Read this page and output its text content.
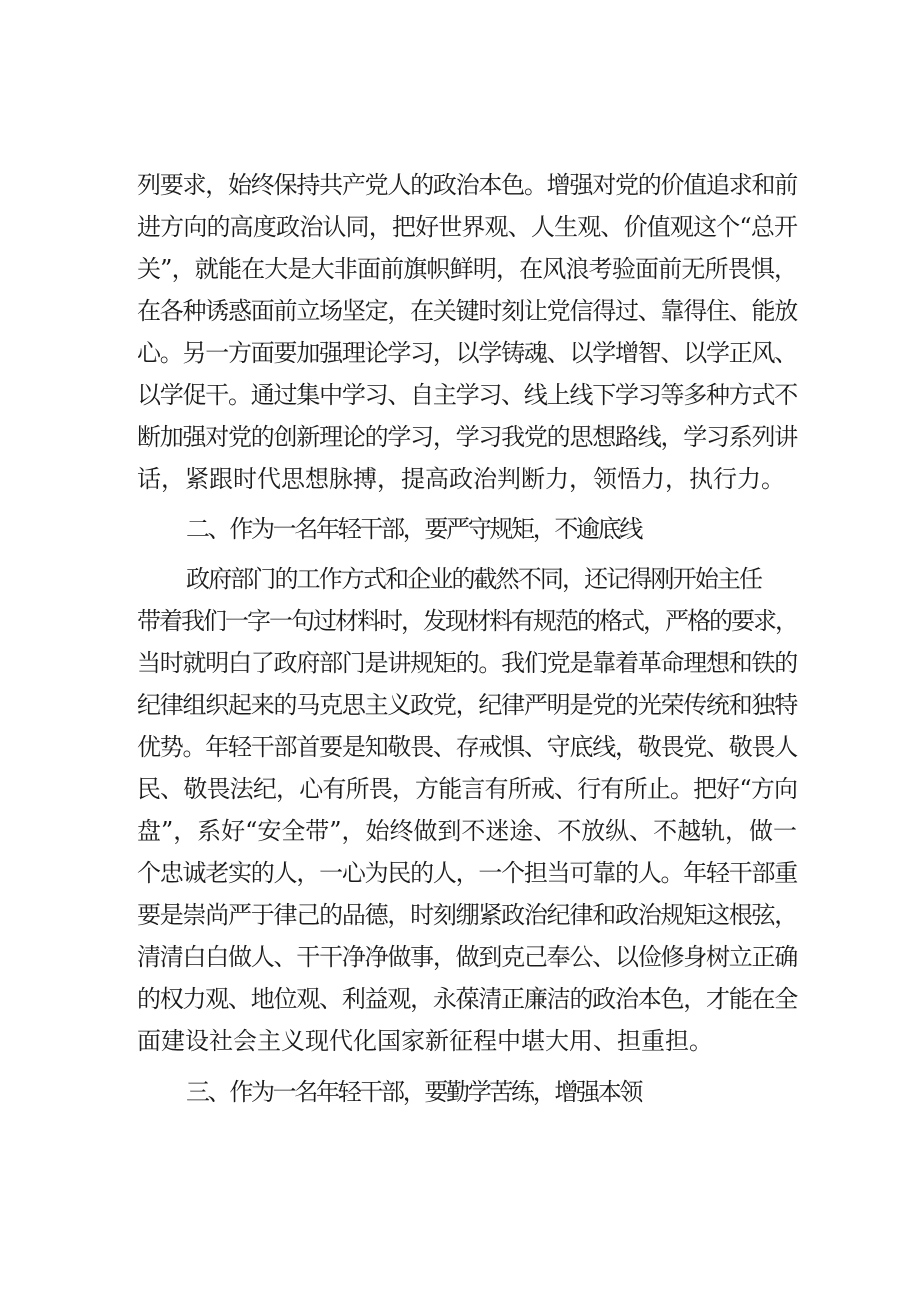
列要求，始终保持共产党人的政治本色。增强对党的价值追求和前
进方向的高度政治认同，把好世界观、人生观、价值观这个“总开
关”，就能在大是大非面前旗帜鲜明，在风浪考验面前无所畏惧，
在各种诱惑面前立场坚定，在关键时刻让党信得过、靠得住、能放
心。另一方面要加强理论学习，以学铸魂、以学增智、以学正风、
以学促干。通过集中学习、自主学习、线上线下学习等多种方式不
断加强对党的创新理论的学习，学习我党的思想路线，学习系列讲
话，紧跟时代思想脉搏，提高政治判断力，领悟力，执行力。
二、作为一名年轻干部，要严守规矩，不逾底线
政府部门的工作方式和企业的截然不同，还记得刚开始主任
带着我们一字一句过材料时，发现材料有规范的格式，严格的要求，
当时就明白了政府部门是讲规矩的。我们党是靠着革命理想和铁的
纪律组织起来的马克思主义政党，纪律严明是党的光荣传统和独特
优势。年轻干部首要是知敬畏、存戒惧、守底线，敬畏党、敬畏人
民、敬畏法纪，心有所畏，方能言有所戒、行有所止。把好“方向
盘”，系好“安全带”，始终做到不迷途、不放纵、不越轨，做一
个忠诚老实的人，一心为民的人，一个担当可靠的人。年轻干部重
要是崇尚严于律己的品德，时刻绷紧政治纪律和政治规矩这根弦，
清清白白做人、干干净净做事，做到克己奉公、以俭修身树立正确
的权力观、地位观、利益观，永葆清正廉洁的政治本色，才能在全
面建设社会主义现代化国家新征程中堪大用、担重担。
三、作为一名年轻干部，要勤学苦练，增强本领
